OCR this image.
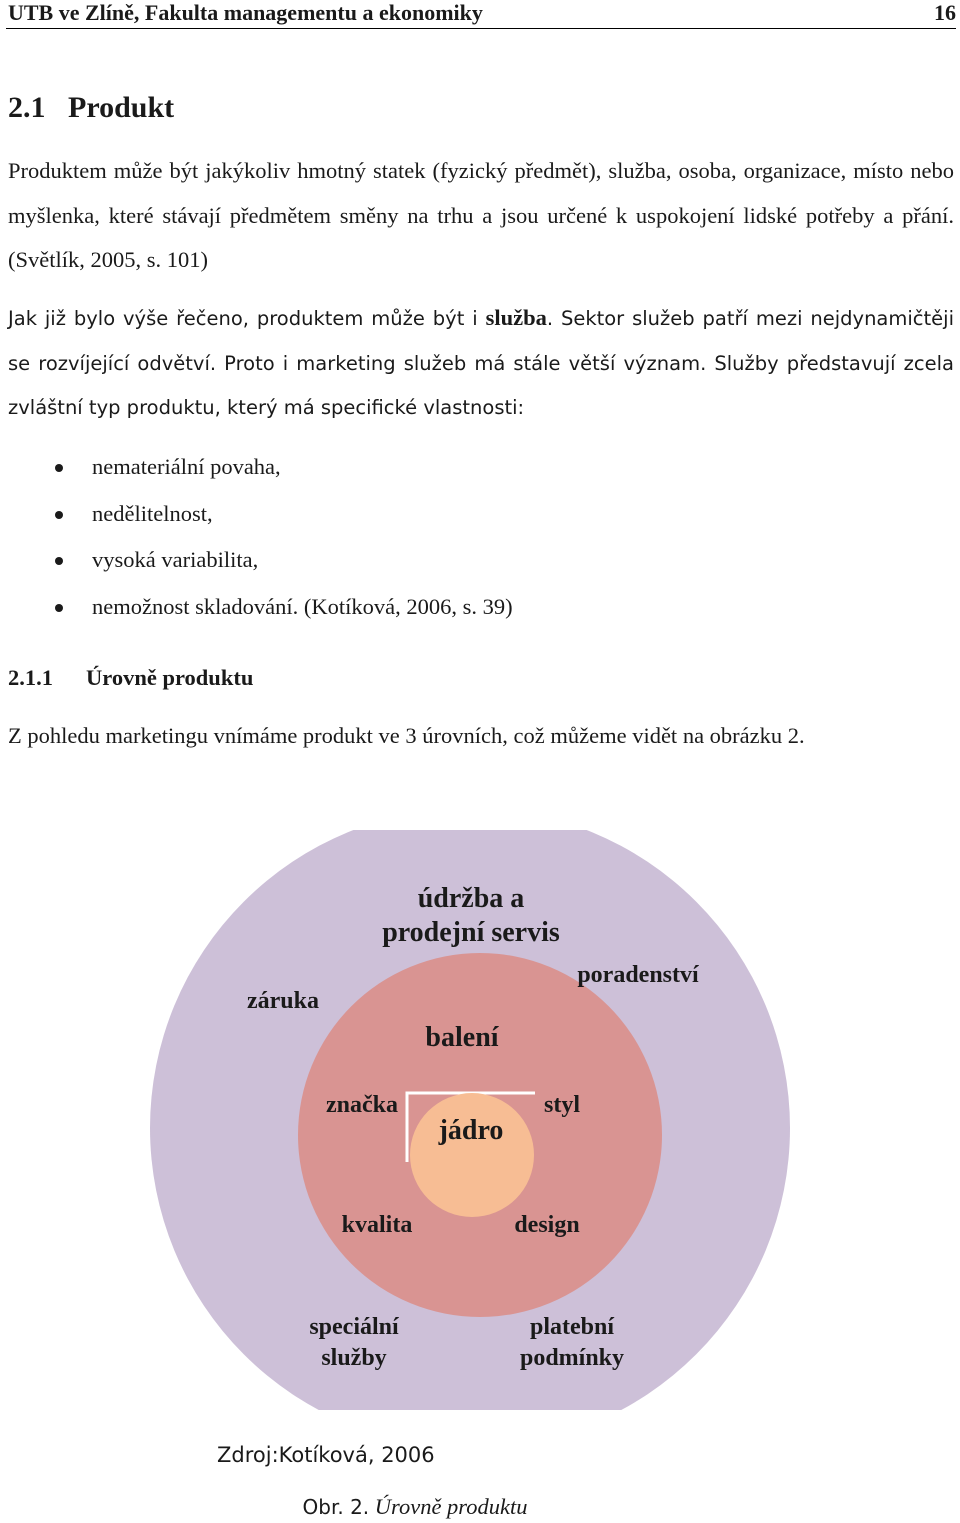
UTB ve Zlíně, Fakulta managementu a ekonomiky	16
2.1 Produkt

Produktem může být jakýkoliv hmotný statek (fyzický předmět), služba, osoba, organizace, místo nebo myšlenka, které stávají předmětem směny na trhu a jsou určené k uspokojení lidské potřeby a přání. (Světlík, 2005, s. 101)

Jak již bylo výše řečeno, produktem může být i služba. Sektor služeb patří mezi nejdynamičtěji se rozvíjející odvětví. Proto i marketing služeb má stále větší význam. Služby představují zcela zvláštní typ produktu, který má specifické vlastnosti:

nemateriální povaha,
nedělitelnost,
vysoká variabilita,
nemožnost skladování. (Kotíková, 2006, s. 39)
2.1.1 Úrovně produktu

Z pohledu marketingu vnímáme produkt ve 3 úrovních, což můžeme vidět na obrázku 2.

údržba a
prodejní servis
poradenství
záruka
balení
značka	styl
jádro
kvalita	design
speciální
služby
platební
podmínky
Zdroj:Kotíková, 2006
Obr. 2. Úrovně produktu
